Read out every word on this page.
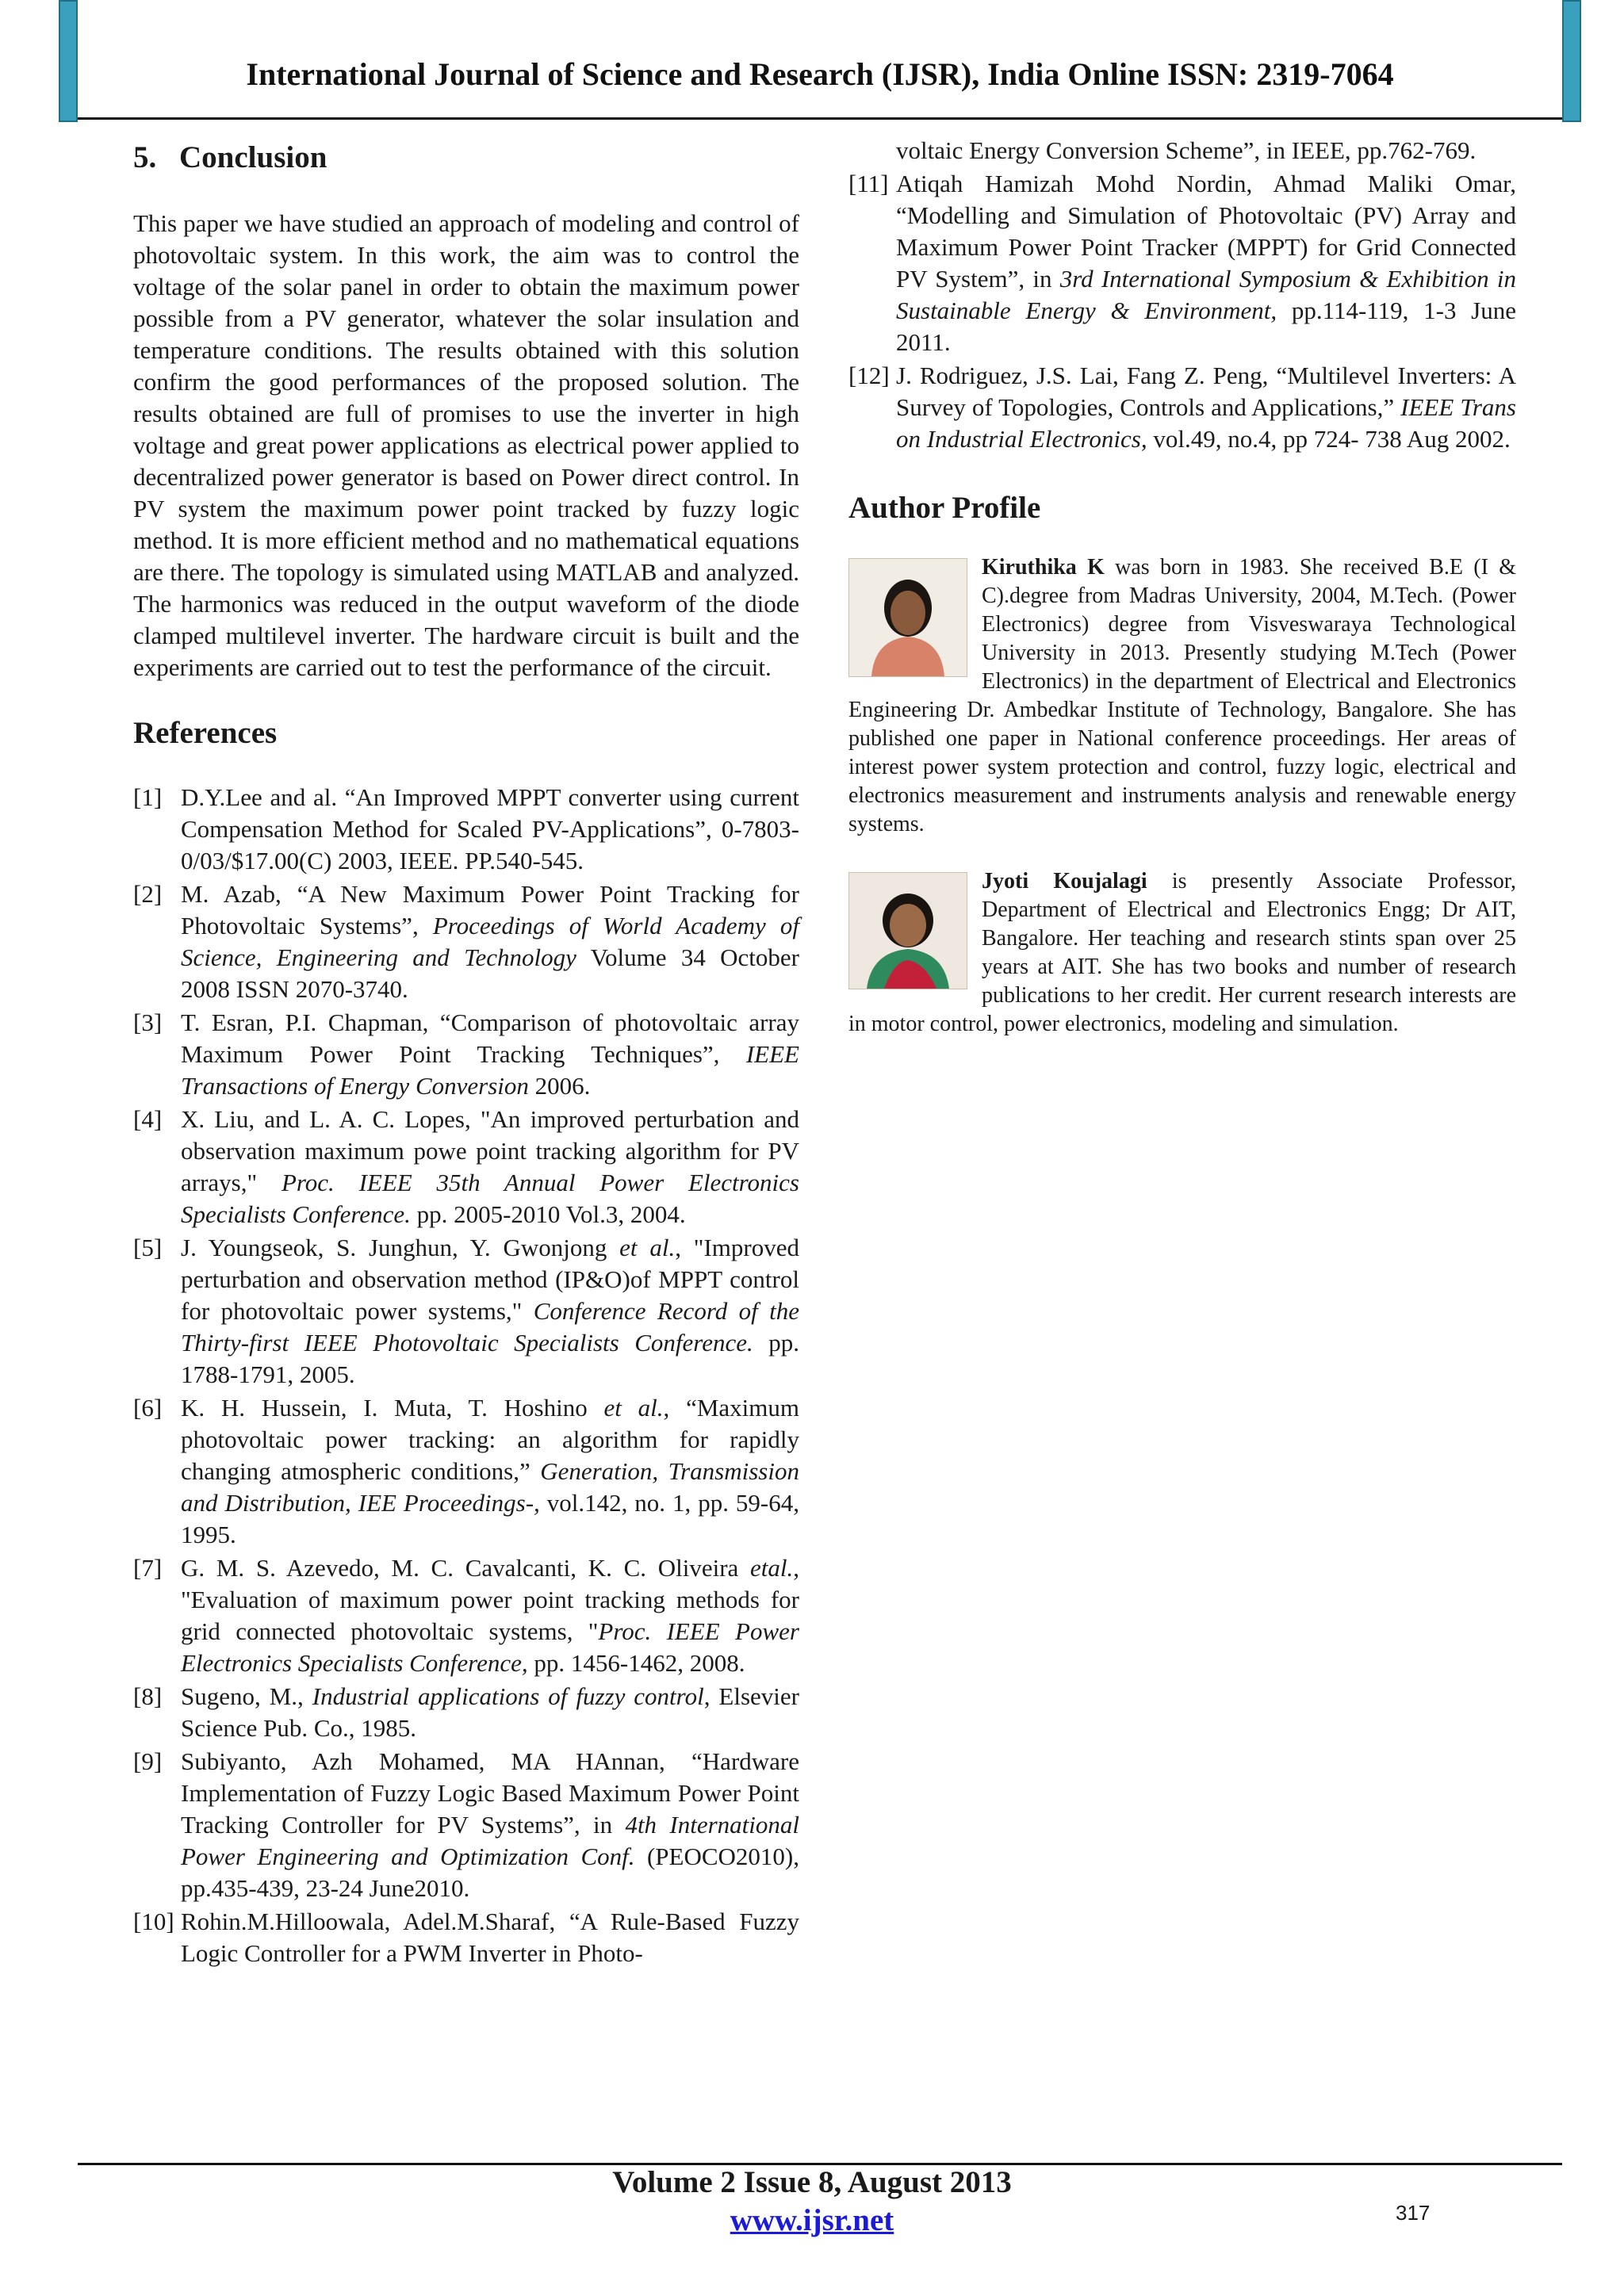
International Journal of Science and Research (IJSR), India Online ISSN: 2319-7064
5. Conclusion

This paper we have studied an approach of modeling and control of photovoltaic system. In this work, the aim was to control the voltage of the solar panel in order to obtain the maximum power possible from a PV generator, whatever the solar insulation and temperature conditions. The results obtained with this solution confirm the good performances of the proposed solution. The results obtained are full of promises to use the inverter in high voltage and great power applications as electrical power applied to decentralized power generator is based on Power direct control. In PV system the maximum power point tracked by fuzzy logic method. It is more efficient method and no mathematical equations are there. The topology is simulated using MATLAB and analyzed. The harmonics was reduced in the output waveform of the diode clamped multilevel inverter. The hardware circuit is built and the experiments are carried out to test the performance of the circuit.

References

[1] D.Y.Lee and al. “An Improved MPPT converter using current Compensation Method for Scaled PV-Applications”, 0-7803-0/03/$17.00(C) 2003, IEEE. PP.540-545.

[2] M. Azab, “A New Maximum Power Point Tracking for Photovoltaic Systems”, Proceedings of World Academy of Science, Engineering and Technology Volume 34 October 2008 ISSN 2070-3740.

[3] T. Esran, P.I. Chapman, “Comparison of photovoltaic array Maximum Power Point Tracking Techniques”, IEEE Transactions of Energy Conversion 2006.

[4] X. Liu, and L. A. C. Lopes, "An improved perturbation and observation maximum powe point tracking algorithm for PV arrays," Proc. IEEE 35th Annual Power Electronics Specialists Conference. pp. 2005-2010 Vol.3, 2004.

[5] J. Youngseok, S. Junghun, Y. Gwonjong et al., "Improved perturbation and observation method (IP&O)of MPPT control for photovoltaic power systems," Conference Record of the Thirty-first IEEE Photovoltaic Specialists Conference. pp. 1788-1791, 2005.

[6] K. H. Hussein, I. Muta, T. Hoshino et al., “Maximum photovoltaic power tracking: an algorithm for rapidly changing atmospheric conditions,” Generation, Transmission and Distribution, IEE Proceedings-, vol.142, no. 1, pp. 59-64, 1995.

[7] G. M. S. Azevedo, M. C. Cavalcanti, K. C. Oliveira etal., "Evaluation of maximum power point tracking methods for grid connected photovoltaic systems, "Proc. IEEE Power Electronics Specialists Conference, pp. 1456-1462, 2008.

[8] Sugeno, M., Industrial applications of fuzzy control, Elsevier Science Pub. Co., 1985.

[9] Subiyanto, Azh Mohamed, MA HAnnan, “Hardware Implementation of Fuzzy Logic Based Maximum Power Point Tracking Controller for PV Systems”, in 4th International Power Engineering and Optimization Conf. (PEOCO2010), pp.435-439, 23-24 June2010.

[10] Rohin.M.Hilloowala, Adel.M.Sharaf, “A Rule-Based Fuzzy Logic Controller for a PWM Inverter in Photo-

voltaic Energy Conversion Scheme”, in IEEE, pp.762-769.

[11] Atiqah Hamizah Mohd Nordin, Ahmad Maliki Omar, “Modelling and Simulation of Photovoltaic (PV) Array and Maximum Power Point Tracker (MPPT) for Grid Connected PV System”, in 3rd International Symposium & Exhibition in Sustainable Energy & Environment, pp.114-119, 1-3 June 2011.

[12] J. Rodriguez, J.S. Lai, Fang Z. Peng, “Multilevel Inverters: A Survey of Topologies, Controls and Applications,” IEEE Trans on Industrial Electronics, vol.49, no.4, pp 724- 738 Aug 2002.

Author Profile

Kiruthika K was born in 1983. She received B.E (I & C).degree from Madras University, 2004, M.Tech. (Power Electronics) degree from Visveswaraya Technological University in 2013. Presently studying M.Tech (Power Electronics) in the department of Electrical and Electronics Engineering Dr. Ambedkar Institute of Technology, Bangalore. She has published one paper in National conference proceedings. Her areas of interest power system protection and control, fuzzy logic, electrical and electronics measurement and instruments analysis and renewable energy systems.

Jyoti Koujalagi is presently Associate Professor, Department of Electrical and Electronics Engg; Dr AIT, Bangalore. Her teaching and research stints span over 25 years at AIT. She has two books and number of research publications to her credit. Her current research interests are in motor control, power electronics, modeling and simulation.

Volume 2 Issue 8, August 2013
www.ijsr.net	317
